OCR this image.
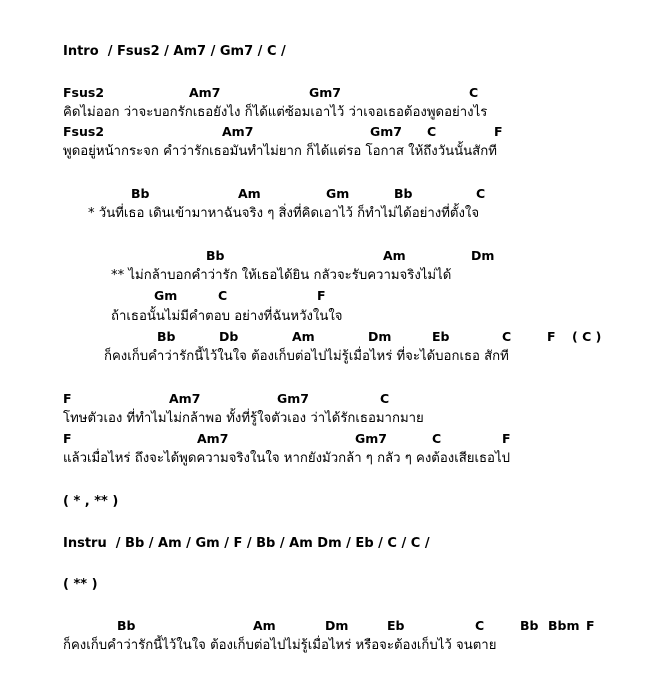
Intro  / Fsus2 / Am7 / Gm7 / C /
Fsus2	Am7	Gm7	C
คิดไม่ออก ว่าจะบอกรักเธอยังไง ก็ได้แต่ซ้อมเอาไว้ ว่าเจอเธอต้องพูดอย่างไร
Fsus2	Am7	Gm7 C	F
พูดอยู่หน้ากระจก คำว่ารักเธอมันทำไม่ยาก ก็ได้แต่รอ โอกาส ให้ถึงวันนั้นสักที
Bb	Am	Gm	Bb	C
* วันที่เธอ เดินเข้ามาหาฉันจริง ๆ สิ่งที่คิดเอาไว้ ก็ทำไม่ได้อย่างที่ตั้งใจ
Bb	Am	Dm
** ไม่กล้าบอกคำว่ารัก ให้เธอได้ยิน กลัวจะรับความจริงไม่ได้
Gm	C	F
ถ้าเธอนั้นไม่มีคำตอบ อย่างที่ฉันหวังในใจ
Bb	Db	Am	Dm	Eb	C	F ( C )
ก็คงเก็บคำว่ารักนี้ไว้ในใจ ต้องเก็บต่อไปไม่รู้เมื่อไหร่ ที่จะได้บอกเธอ สักที
F	Am7	Gm7	C
โทษตัวเอง ที่ทำไมไม่กล้าพอ ทั้งที่รู้ใจตัวเอง ว่าได้รักเธอมากมาย
F	Am7	Gm7	C	F
แล้วเมื่อไหร่ ถึงจะได้พูดความจริงในใจ หากยังมัวกล้า ๆ กลัว ๆ คงต้องเสียเธอไป
( * , ** )
Instru  / Bb / Am / Gm / F / Bb / Am Dm / Eb / C / C /
( ** )
Bb	Am	Dm	Eb	C	Bb Bbm F
ก็คงเก็บคำว่ารักนี้ไว้ในใจ ต้องเก็บต่อไปไม่รู้เมื่อไหร่ หรือจะต้องเก็บไว้ จนตาย
